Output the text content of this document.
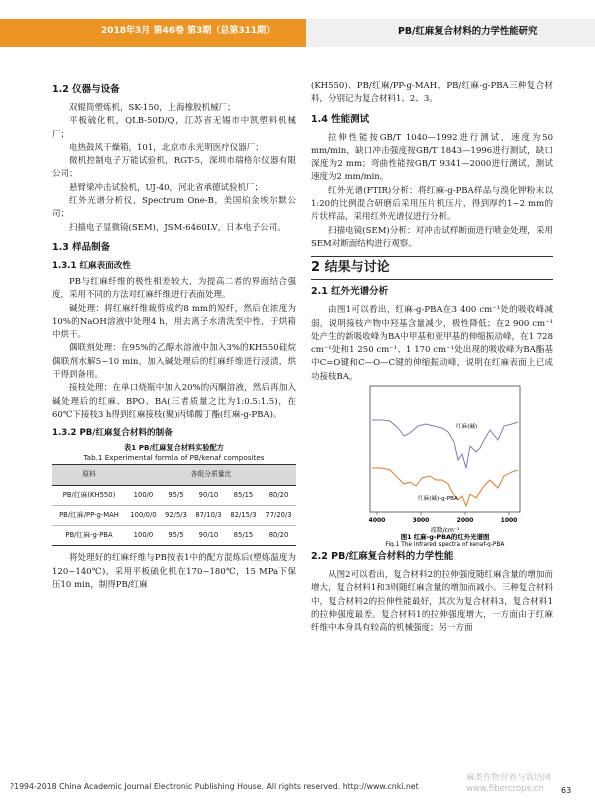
2018年3月 第46卷 第3期（总第311期）	PB/红麻复合材料的力学性能研究
1.2 仪器与设备

双辊筒塑炼机，SK-150，上海橡胶机械厂；

平板硫化机，QLB-50D/Q，江苏省无锡市中凯塑料机械厂；

电热鼓风干燥箱，101，北京市永光明医疗仪器厂；

微机控制电子万能试验机，RGT-5，深圳市瑞格尔仪器有限公司；

悬臂梁冲击试验机，UJ-40，河北省承德试验机厂；

红外光谱分析仪，Spectrum One-B，美国珀金埃尔默公司；

扫描电子显微镜(SEM)，JSM-6460LV，日本电子公司。

1.3 样品制备
1.3.1 红麻表面改性

PB与红麻纤维的极性相差较大，为提高二者的界面结合强度，采用不同的方法对红麻纤维进行表面处理。

碱处理：将红麻纤维裁剪成约8 mm的短纤，然后在浓度为10%的NaOH溶液中处理4 h，用去离子水清洗至中性，于烘箱中烘干。

偶联剂处理：在95%的乙醇水溶液中加入3%的KH550硅烷偶联剂水解5~10 min，加入碱处理后的红麻纤维进行浸渍，烘干得到备用。

接枝处理：在单口烧瓶中加入20%的丙酮溶液，然后再加入碱处理后的红麻、BPO、BA(三者质量之比为1:0.5:1.5)，在60℃下接枝3 h得到红麻接枝(聚)丙烯酸丁酯(红麻-g-PBA)。

1.3.2 PB/红麻复合材料的制备
表1 PB/红麻复合材料实验配方
Tab.1 Experimental formla of PB/kenaf composites
原料	各组分质量比				
PB/红麻(KH550)	100/0	95/5	90/10	85/15	80/20
PB/红麻/PP-g-MAH	100/0/0	92/5/3	87/10/3	82/15/3	77/20/3
PB/红麻-g-PBA	100/0	95/5	90/10	85/15	80/20

将处理好的红麻纤维与PB按表1中的配方混炼后(塑炼温度为120~140℃)，采用平板硫化机在170~180℃，15 MPa下保压10 min，制得PB/红麻

(KH550)、PB/红麻/PP-g-MAH、PB/红麻-g-PBA三种复合材料，分别记为复合材料1、2、3。

1.4 性能测试

拉伸性能按GB/T 1040—1992进行测试，速度为50 mm/min，缺口冲击强度按GB/T 1843—1996进行测试，缺口深度为2 mm；弯曲性能按GB/T 9341—2000进行测试，测试速度为2 mm/min。

红外光谱(FTIR)分析：将红麻-g-PBA样品与溴化钾粉末以1:20的比例混合研磨后采用压片机压片，得到厚约1~2 mm的片状样品，采用红外光谱仪进行分析。

扫描电镜(SEM)分析：对冲击试样断面进行喷金处理，采用SEM对断面结构进行观察。

2 结果与讨论
2.1 红外光谱分析

由图1可以看出，红麻-g-PBA在3 400 cm⁻¹处的吸收峰减弱，说明接枝产物中羟基含量减少，极性降低；在2 900 cm⁻¹处产生的新吸收峰为BA中甲基和亚甲基的伸缩振动峰，在1 728 cm⁻¹处和1 250 cm⁻¹、1 170 cm⁻¹处出现的吸收峰为BA酯基中C=O键和C—O—C键的伸缩振动峰，说明在红麻表面上已成功接枝BA。

红麻(碱)
红麻(碱)-g-PBA
4000	3000	2000	1000
波数/cm⁻¹
图1 红麻-g-PBA的红外光谱图
Fig.1 The infrared spectra of kenaf-g-PBA
2.2 PB/红麻复合材料的力学性能

从图2可以看出，复合材料2的拉伸强度随红麻含量的增加而增大，复合材料1和3则随红麻含量的增加而减小。三种复合材料中，复合材料2的拉伸性能最好，其次为复合材料3，复合材料1的拉伸强度最差。复合材料1的拉伸强度增大，一方面由于红麻纤维中本身具有较高的机械强度；另一方面

麻类作物营养与栽培网
www.fibercrops.cn
?1994-2018 China Academic Journal Electronic Publishing House. All rights reserved. http://www.cnki.net	63
